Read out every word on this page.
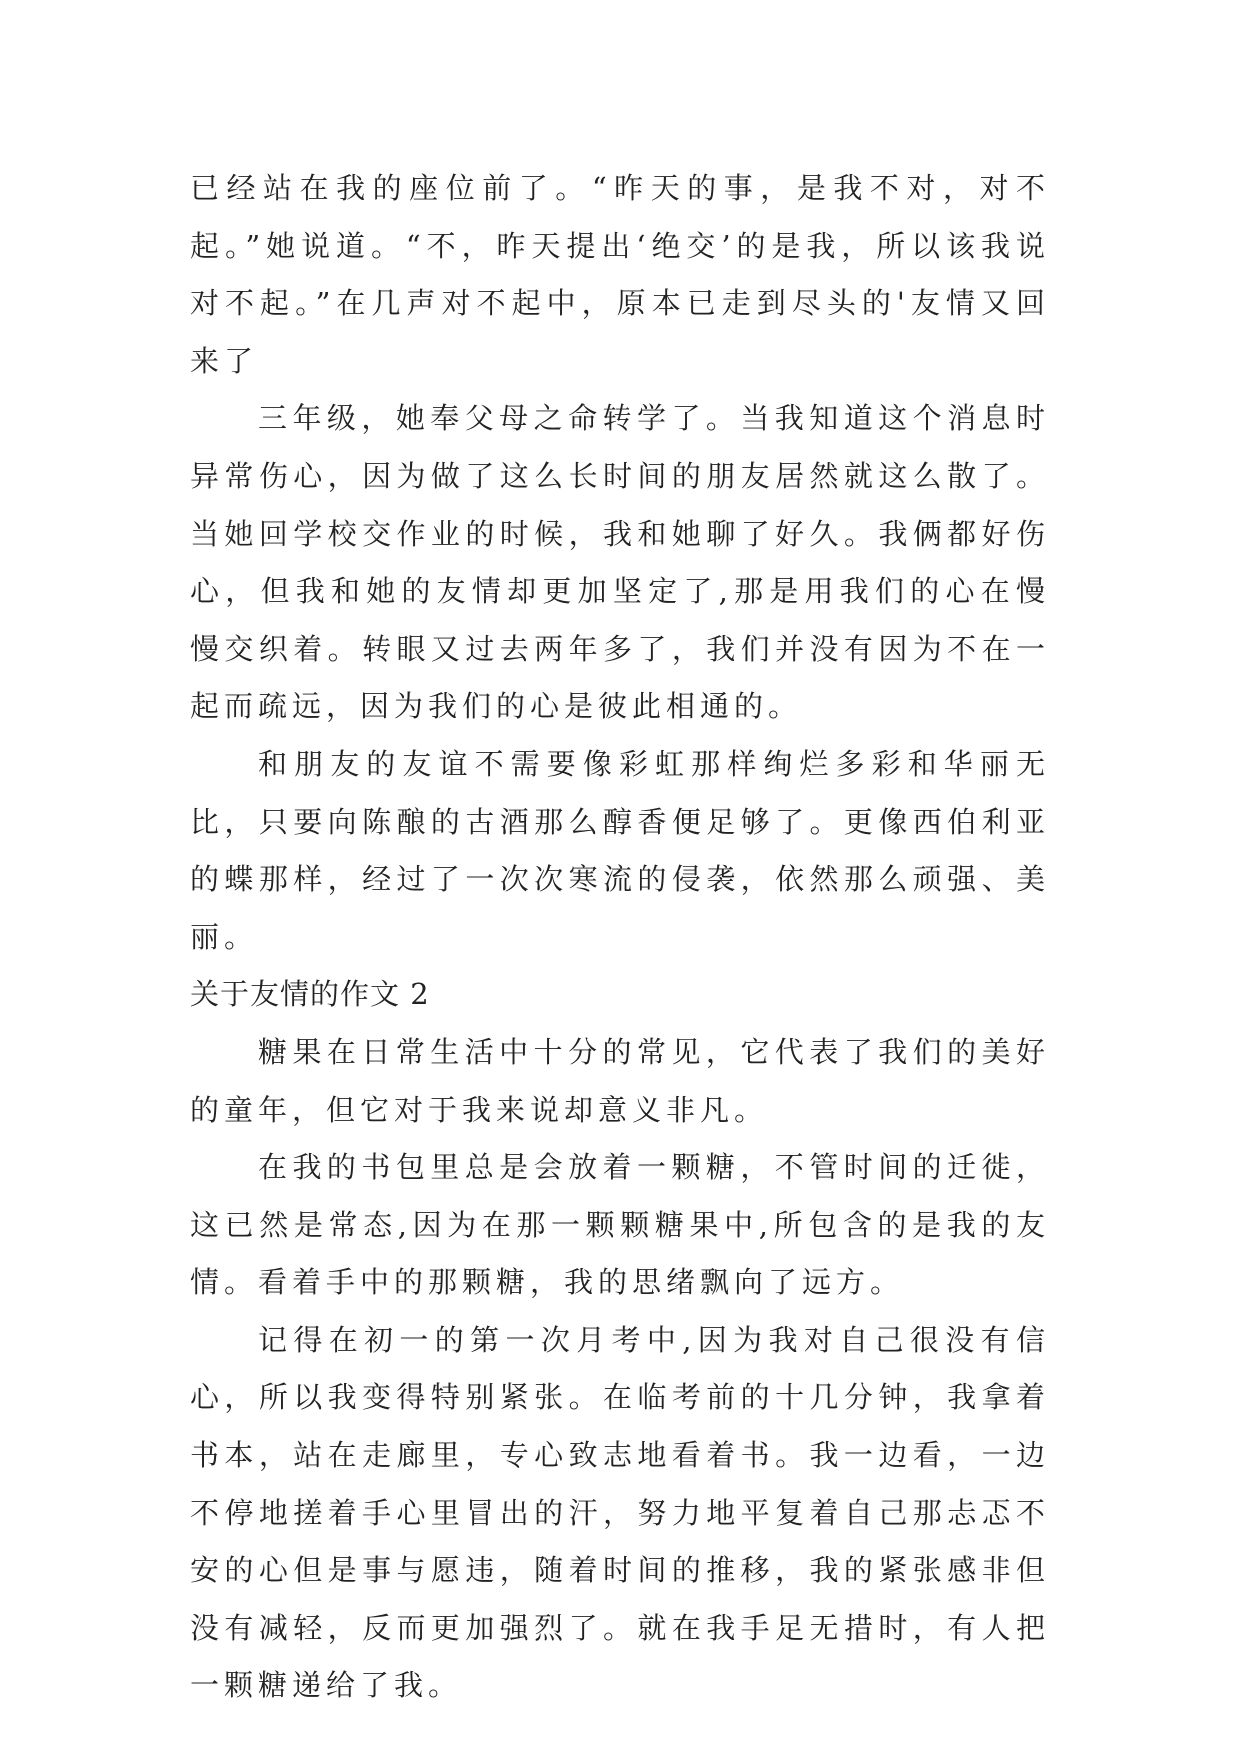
已经站在我的座位前了。“昨天的事，是我不对，对不起。”她说道。“不，昨天提出‘绝交’的是我，所以该我说对不起。”在几声对不起中，原本已走到尽头的'友情又回来了

三年级，她奉父母之命转学了。当我知道这个消息时异常伤心，因为做了这么长时间的朋友居然就这么散了。当她回学校交作业的时候，我和她聊了好久。我俩都好伤心，但我和她的友情却更加坚定了,那是用我们的心在慢慢交织着。转眼又过去两年多了，我们并没有因为不在一起而疏远，因为我们的心是彼此相通的。

和朋友的友谊不需要像彩虹那样绚烂多彩和华丽无比，只要向陈酿的古酒那么醇香便足够了。更像西伯利亚的蝶那样，经过了一次次寒流的侵袭，依然那么顽强、美丽。

关于友情的作文 2

糖果在日常生活中十分的常见，它代表了我们的美好的童年，但它对于我来说却意义非凡。

在我的书包里总是会放着一颗糖，不管时间的迁徙，这已然是常态,因为在那一颗颗糖果中,所包含的是我的友情。看着手中的那颗糖，我的思绪飘向了远方。

记得在初一的第一次月考中,因为我对自己很没有信心，所以我变得特别紧张。在临考前的十几分钟，我拿着书本，站在走廊里，专心致志地看着书。我一边看，一边不停地搓着手心里冒出的汗，努力地平复着自己那忐忑不安的心但是事与愿违，随着时间的推移，我的紧张感非但没有减轻，反而更加强烈了。就在我手足无措时，有人把一颗糖递给了我。
